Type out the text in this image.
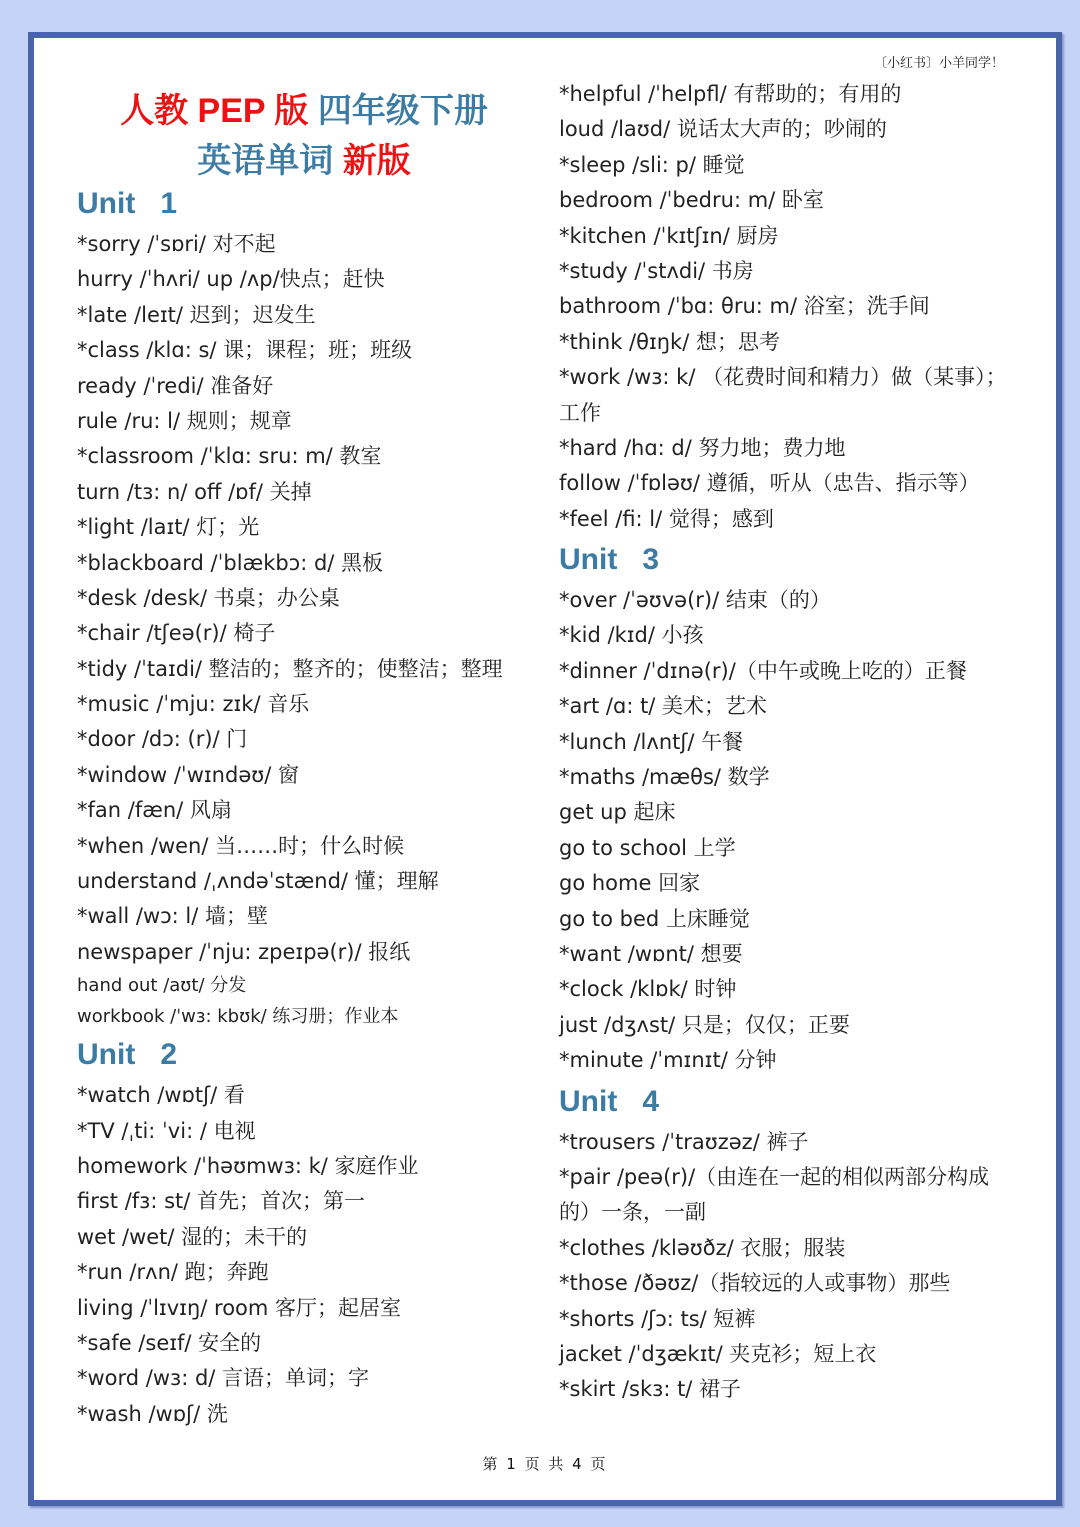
〔小红书〕小羊同学！
人教 PEP 版 四年级下册
英语单词 新版
Unit   1
*sorry /ˈsɒri/ 对不起
hurry /ˈhʌri/ up /ʌp/快点；赶快
*late /leɪt/ 迟到；迟发生
*class /klɑ: s/ 课；课程；班；班级
ready /ˈredi/ 准备好
rule /ru: l/ 规则；规章
*classroom /ˈklɑ: sru: m/ 教室
turn /tɜ: n/ off /ɒf/ 关掉
*light /laɪt/ 灯；光
*blackboard /ˈblækbɔ: d/ 黑板
*desk /desk/ 书桌；办公桌
*chair /tʃeə(r)/ 椅子
*tidy /ˈtaɪdi/ 整洁的；整齐的；使整洁；整理
*music /ˈmju: zɪk/ 音乐
*door /dɔ: (r)/ 门
*window /ˈwɪndəʊ/ 窗
*fan /fæn/ 风扇
*when /wen/ 当……时；什么时候
understand /ˌʌndəˈstænd/ 懂；理解
*wall /wɔ: l/ 墙；壁
newspaper /ˈnju: zpeɪpə(r)/ 报纸
hand out /aʊt/ 分发
workbook /ˈwɜ: kbʊk/ 练习册；作业本
Unit   2
*watch /wɒtʃ/ 看
*TV /ˌti: ˈvi: / 电视
homework /ˈhəʊmwɜ: k/ 家庭作业
first /fɜ: st/ 首先；首次；第一
wet /wet/ 湿的；未干的
*run /rʌn/ 跑；奔跑
living /ˈlɪvɪŋ/ room 客厅；起居室
*safe /seɪf/ 安全的
*word /wɜ: d/ 言语；单词；字
*wash /wɒʃ/ 洗
*helpful /ˈhelpfl/ 有帮助的；有用的
loud /laʊd/ 说话太大声的；吵闹的
*sleep /sli: p/ 睡觉
bedroom /ˈbedru: m/ 卧室
*kitchen /ˈkɪtʃɪn/ 厨房
*study /ˈstʌdi/ 书房
bathroom /ˈbɑ: θru: m/ 浴室；洗手间
*think /θɪŋk/ 想；思考
*work /wɜ: k/ （花费时间和精力）做（某事）；
工作
*hard /hɑ: d/ 努力地；费力地
follow /ˈfɒləʊ/ 遵循，听从（忠告、指示等）
*feel /fi: l/ 觉得；感到
Unit   3
*over /ˈəʊvə(r)/ 结束（的）
*kid /kɪd/ 小孩
*dinner /ˈdɪnə(r)/（中午或晚上吃的）正餐
*art /ɑ: t/ 美术；艺术
*lunch /lʌntʃ/ 午餐
*maths /mæθs/ 数学
get up 起床
go to school 上学
go home 回家
go to bed 上床睡觉
*want /wɒnt/ 想要
*clock /klɒk/ 时钟
just /dʒʌst/ 只是；仅仅；正要
*minute /ˈmɪnɪt/ 分钟
Unit   4
*trousers /ˈtraʊzəz/ 裤子
*pair /peə(r)/（由连在一起的相似两部分构成
的）一条，一副
*clothes /kləʊðz/ 衣服；服装
*those /ðəʊz/（指较远的人或事物）那些
*shorts /ʃɔ: ts/ 短裤
jacket /ˈdʒækɪt/ 夹克衫；短上衣
*skirt /skɜ: t/ 裙子
第 1 页 共 4 页
